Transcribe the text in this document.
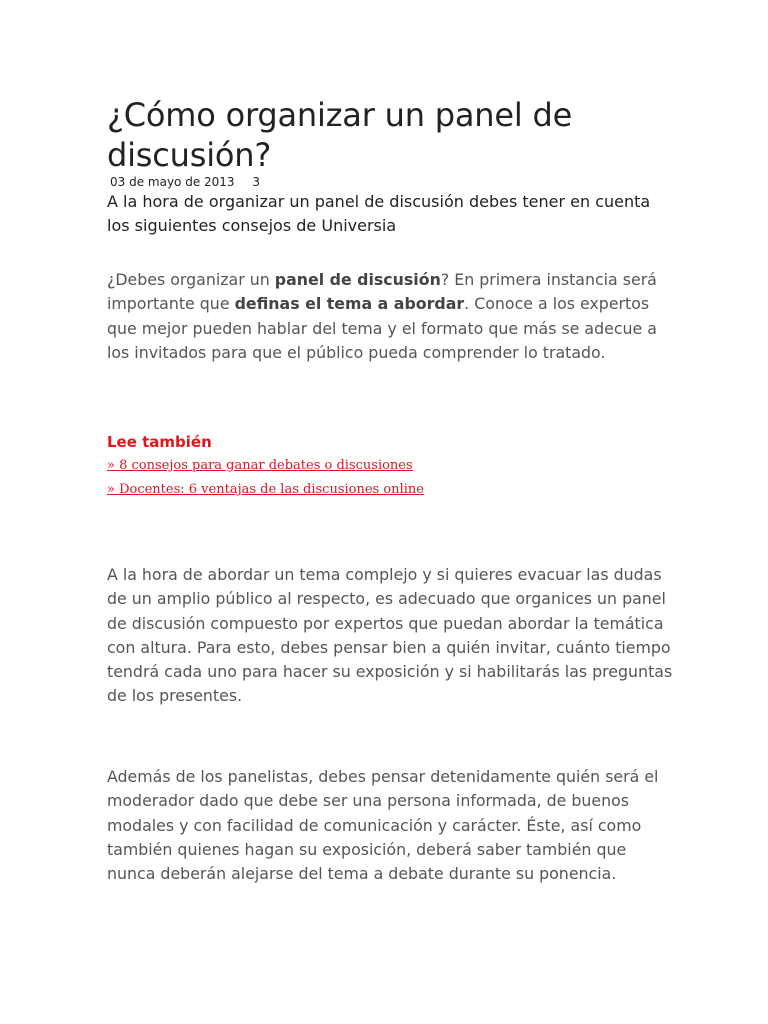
¿Cómo organizar un panel de discusión?
03 de mayo de 2013 3

A la hora de organizar un panel de discusión debes tener en cuenta los siguientes consejos de Universia

¿Debes organizar un panel de discusión? En primera instancia será importante que definas el tema a abordar. Conoce a los expertos que mejor pueden hablar del tema y el formato que más se adecue a los invitados para que el público pueda comprender lo tratado.

Lee también

» 8 consejos para ganar debates o discusiones
» Docentes: 6 ventajas de las discusiones online

A la hora de abordar un tema complejo y si quieres evacuar las dudas de un amplio público al respecto, es adecuado que organices un panel de discusión compuesto por expertos que puedan abordar la temática con altura. Para esto, debes pensar bien a quién invitar, cuánto tiempo tendrá cada uno para hacer su exposición y si habilitarás las preguntas de los presentes.

Además de los panelistas, debes pensar detenidamente quién será el moderador dado que debe ser una persona informada, de buenos modales y con facilidad de comunicación y carácter. Éste, así como también quienes hagan su exposición, deberá saber también que nunca deberán alejarse del tema a debate durante su ponencia.
